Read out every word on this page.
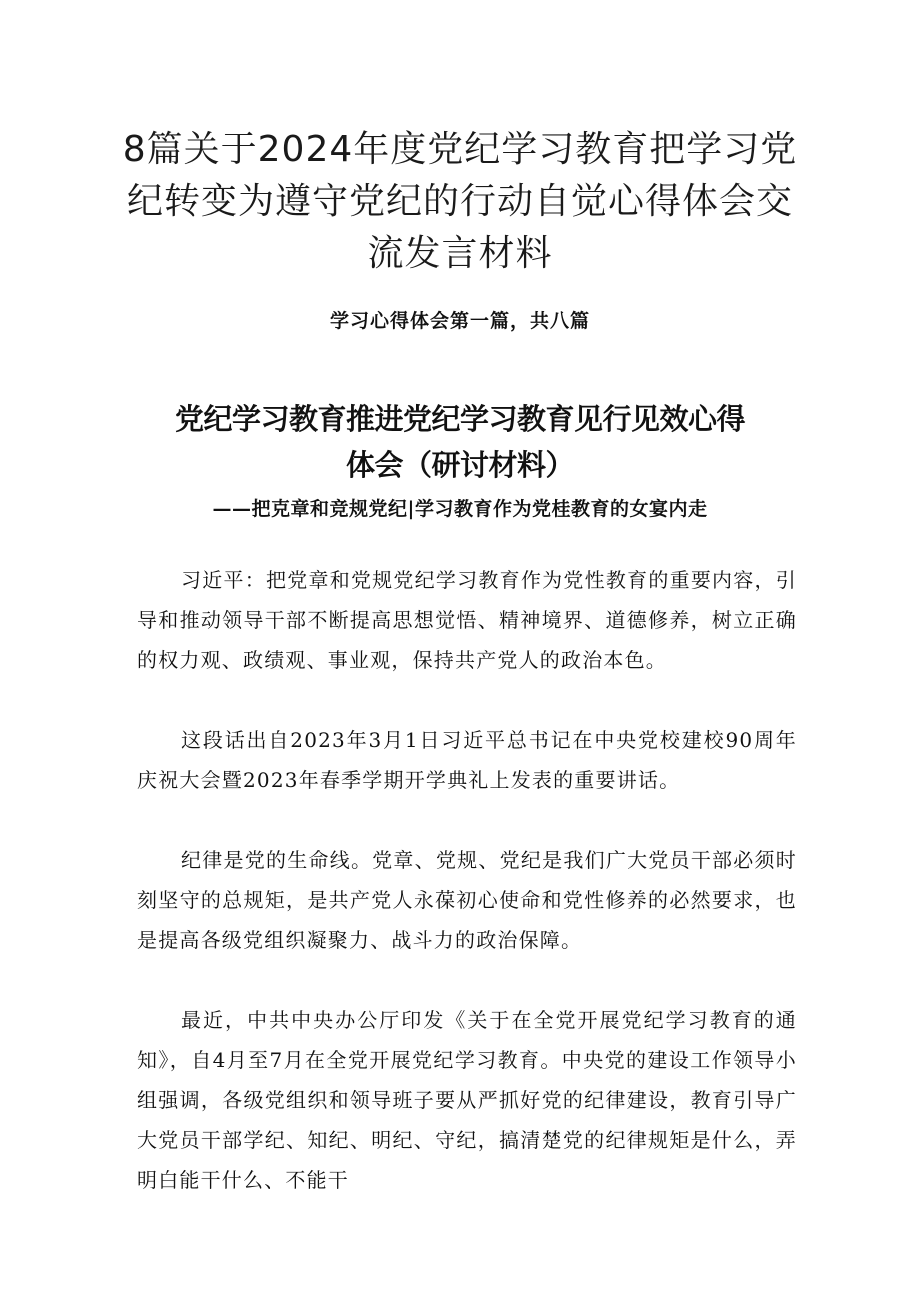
8篇关于2024年度党纪学习教育把学习党
纪转变为遵守党纪的行动自觉心得体会交
流发言材料
学习心得体会第一篇，共八篇
党纪学习教育推进党纪学习教育见行见效心得
体会（研讨材料）
——把克章和竞规党纪|学习教育作为党桂教育的女宴内走

习近平：把党章和党规党纪学习教育作为党性教育的重要内容，引导和推动领导干部不断提高思想觉悟、精神境界、道德修养，树立正确的权力观、政绩观、事业观，保持共产党人的政治本色。

这段话出自2023年3月1日习近平总书记在中央党校建校90周年庆祝大会暨2023年春季学期开学典礼上发表的重要讲话。

纪律是党的生命线。党章、党规、党纪是我们广大党员干部必须时刻坚守的总规矩，是共产党人永葆初心使命和党性修养的必然要求，也是提高各级党组织凝聚力、战斗力的政治保障。

最近，中共中央办公厅印发《关于在全党开展党纪学习教育的通知》，自4月至7月在全党开展党纪学习教育。中央党的建设工作领导小组强调，各级党组织和领导班子要从严抓好党的纪律建设，教育引导广大党员干部学纪、知纪、明纪、守纪，搞清楚党的纪律规矩是什么，弄明白能干什么、不能干
